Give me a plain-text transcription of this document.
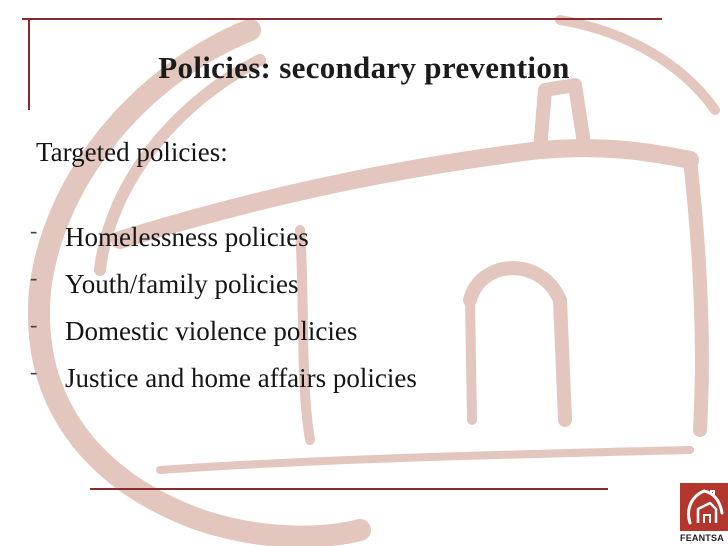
Policies: secondary prevention
Targeted policies:
- Homelessness policies
- Youth/family policies
- Domestic violence policies
- Justice and home affairs policies
FEANTSA
